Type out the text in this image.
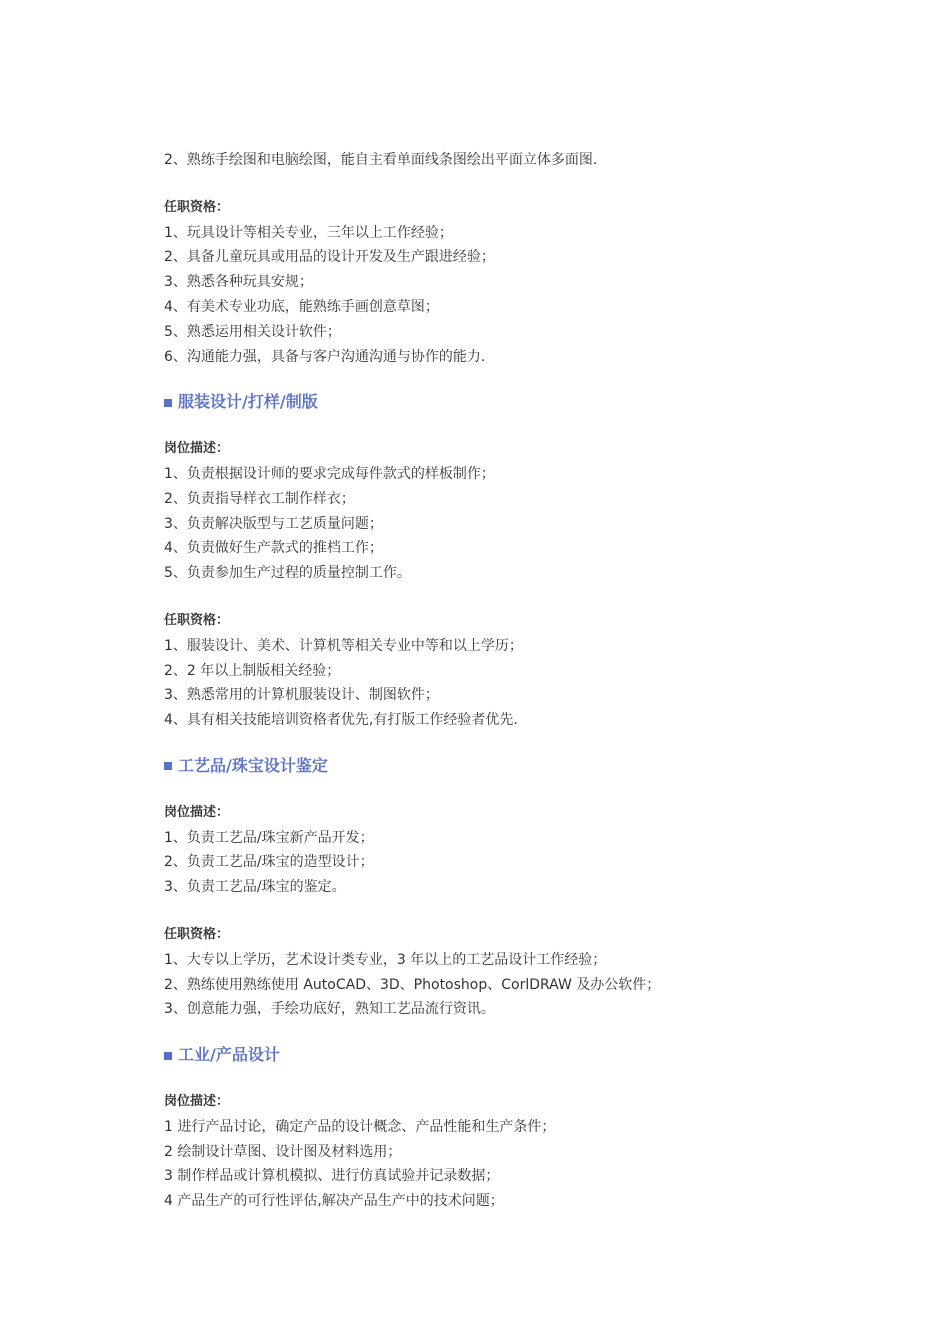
2、熟练手绘图和电脑绘图，能自主看单面线条图绘出平面立体多面图.
任职资格：
1、玩具设计等相关专业，三年以上工作经验；
2、具备儿童玩具或用品的设计开发及生产跟进经验；
3、熟悉各种玩具安规；
4、有美术专业功底，能熟练手画创意草图；
5、熟悉运用相关设计软件；
6、沟通能力强，具备与客户沟通沟通与协作的能力.
服装设计/打样/制版
岗位描述：
1、负责根据设计师的要求完成每件款式的样板制作；
2、负责指导样衣工制作样衣；
3、负责解决版型与工艺质量问题；
4、负责做好生产款式的推档工作；
5、负责参加生产过程的质量控制工作。
任职资格：
1、服装设计、美术、计算机等相关专业中等和以上学历；
2、2 年以上制版相关经验；
3、熟悉常用的计算机服装设计、制图软件；
4、具有相关技能培训资格者优先,有打版工作经验者优先.
工艺品/珠宝设计鉴定
岗位描述：
1、负责工艺品/珠宝新产品开发；
2、负责工艺品/珠宝的造型设计；
3、负责工艺品/珠宝的鉴定。
任职资格：
1、大专以上学历，艺术设计类专业，3 年以上的工艺品设计工作经验；
2、熟练使用熟练使用 AutoCAD、3D、Photoshop、CorlDRAW 及办公软件；
3、创意能力强，手绘功底好，熟知工艺品流行资讯。
工业/产品设计
岗位描述：
1 进行产品讨论，确定产品的设计概念、产品性能和生产条件；
2 绘制设计草图、设计图及材料选用；
3 制作样品或计算机模拟、进行仿真试验并记录数据；
4 产品生产的可行性评估,解决产品生产中的技术问题；
